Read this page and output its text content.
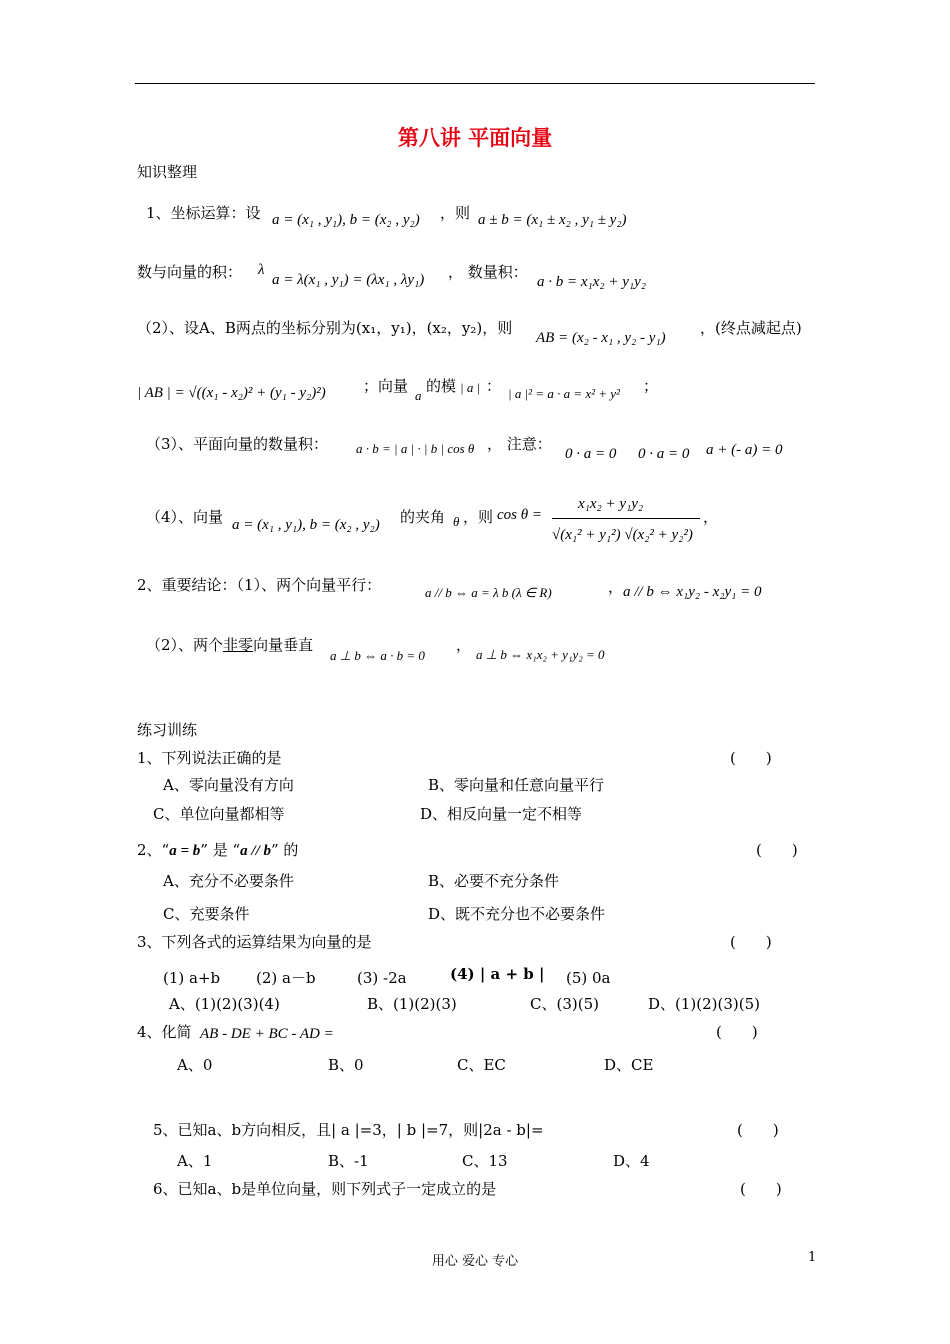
第八讲 平面向量
知识整理
1、坐标运算：设 a = (x₁ , y₁), b = (x₂ , y₂) ，则 a ± b = (x₁ ± x₂ , y₁ ± y₂)
数与向量的积： λ
a = λ(x₁ , y₁) = (λx₁ , λy₁) ， 数量积：
a · b = x₁x₂ + y₁y₂
（2）、设A、B两点的坐标分别为(x₁，y₁)，(x₂，y₂)，则
AB = (x₂ - x₁ , y₂ - y₁)
，(终点减起点)
| AB | = √((x₁ - x₂)² + (y₁ - y₂)²) ；向量
a
的模 | a | ： | a |² = a · a = x² + y² ；
（3）、平面向量的数量积： a · b = | a | · | b | cos θ ， 注意：
0 · a = 0 0 · a = 0 a + (- a) = 0
（4）、向量 a = (x₁ , y₁), b = (x₂ , y₂) 的夹角 θ ，则 cos θ =
x₁x₂ + y₁y₂
√(x₁² + y₁²) √(x₂² + y₂²)
，
2、重要结论：（1）、两个向量平行：	a // b ⇔ a = λ b (λ ∈ R)	， a // b ⇔ x₁y₂ - x₂y₁ = 0
（2）、两个非零向量垂直
a ⊥ b ⇔ a · b = 0
，
a ⊥ b ⇔ x₁x₂ + y₁y₂ = 0
练习训练
1、下列说法正确的是	(　　)
A、零向量没有方向	B、零向量和任意向量平行
C、单位向量都相等	D、相反向量一定不相等
2、“a = b” 是 “a // b” 的	(　　)
A、充分不必要条件	B、必要不充分条件
C、充要条件	D、既不充分也不必要条件
3、下列各式的运算结果为向量的是	(　　)
(1) a+b (2) a－b	(3) -2a	(4) | a + b | (5) 0a
A、(1)(2)(3)(4)	B、(1)(2)(3)	C、(3)(5)	D、(1)(2)(3)(5)
4、化简 AB - DE + BC - AD =	(　　)
A、0	B、0	C、EC	D、CE
5、已知a、b方向相反，且| a |=3，| b |=7，则|2a - b|=	(　　)
A、1	B、-1	C、13	D、4
6、已知a、b是单位向量，则下列式子一定成立的是	(　　)
用心 爱心 专心	1
